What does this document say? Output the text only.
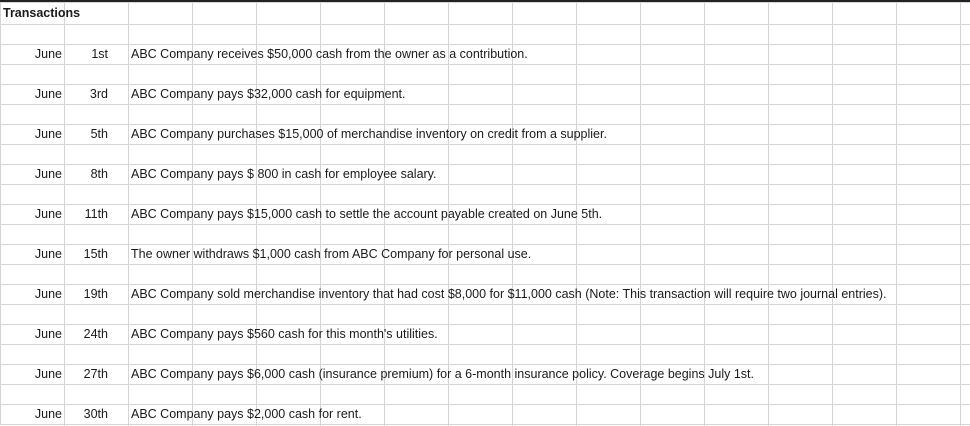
Transactions
June	1st ABC Company receives $50,000 cash from the owner as a contribution.
June	3rd ABC Company pays $32,000 cash for equipment.
June	5th ABC Company purchases $15,000 of merchandise inventory on credit from a supplier.
June	8th ABC Company pays $ 800 in cash for employee salary.
June	11th ABC Company pays $15,000 cash to settle the account payable created on June 5th.
June	15th The owner withdraws $1,000 cash from ABC Company for personal use.
June	19th ABC Company sold merchandise inventory that had cost $8,000 for $11,000 cash (Note: This transaction will require two journal entries).
June	24th ABC Company pays $560 cash for this month's utilities.
June	27th ABC Company pays $6,000 cash (insurance premium) for a 6-month insurance policy. Coverage begins July 1st.
June	30th ABC Company pays $2,000 cash for rent.
